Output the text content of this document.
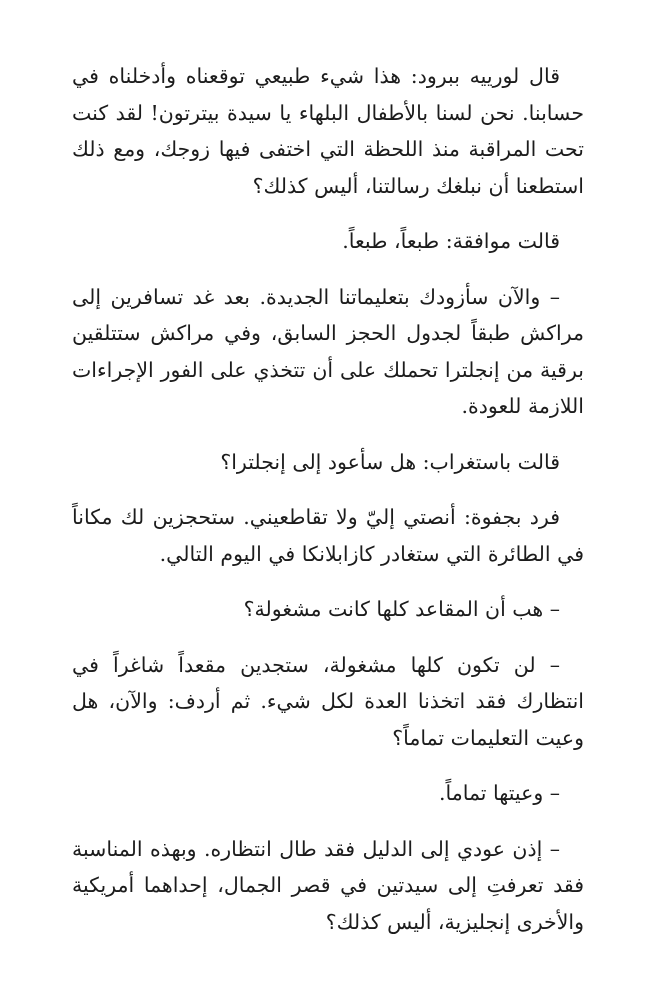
قال لورييه ببرود: هذا شيء طبيعي توقعناه وأدخلناه في حسابنا. نحن لسنا بالأطفال البلهاء يا سيدة بيترتون! لقد كنت تحت المراقبة منذ اللحظة التي اختفى فيها زوجك، ومع ذلك استطعنا أن نبلغك رسالتنا، أليس كذلك؟

قالت موافقة: طبعاً، طبعاً.

– والآن سأزودك بتعليماتنا الجديدة. بعد غد تسافرين إلى مراكش طبقاً لجدول الحجز السابق، وفي مراكش ستتلقين برقية من إنجلترا تحملك على أن تتخذي على الفور الإجراءات اللازمة للعودة.

قالت باستغراب: هل سأعود إلى إنجلترا؟

فرد بجفوة: أنصتي إليّ ولا تقاطعيني. ستحجزين لك مكاناً في الطائرة التي ستغادر كازابلانكا في اليوم التالي.

– هب أن المقاعد كلها كانت مشغولة؟

– لن تكون كلها مشغولة، ستجدين مقعداً شاغراً في انتظارك فقد اتخذنا العدة لكل شيء. ثم أردف: والآن، هل وعيت التعليمات تماماً؟

– وعيتها تماماً.

– إذن عودي إلى الدليل فقد طال انتظاره. وبهذه المناسبة فقد تعرفتِ إلى سيدتين في قصر الجمال، إحداهما أمريكية والأخرى إنجليزية، أليس كذلك؟
